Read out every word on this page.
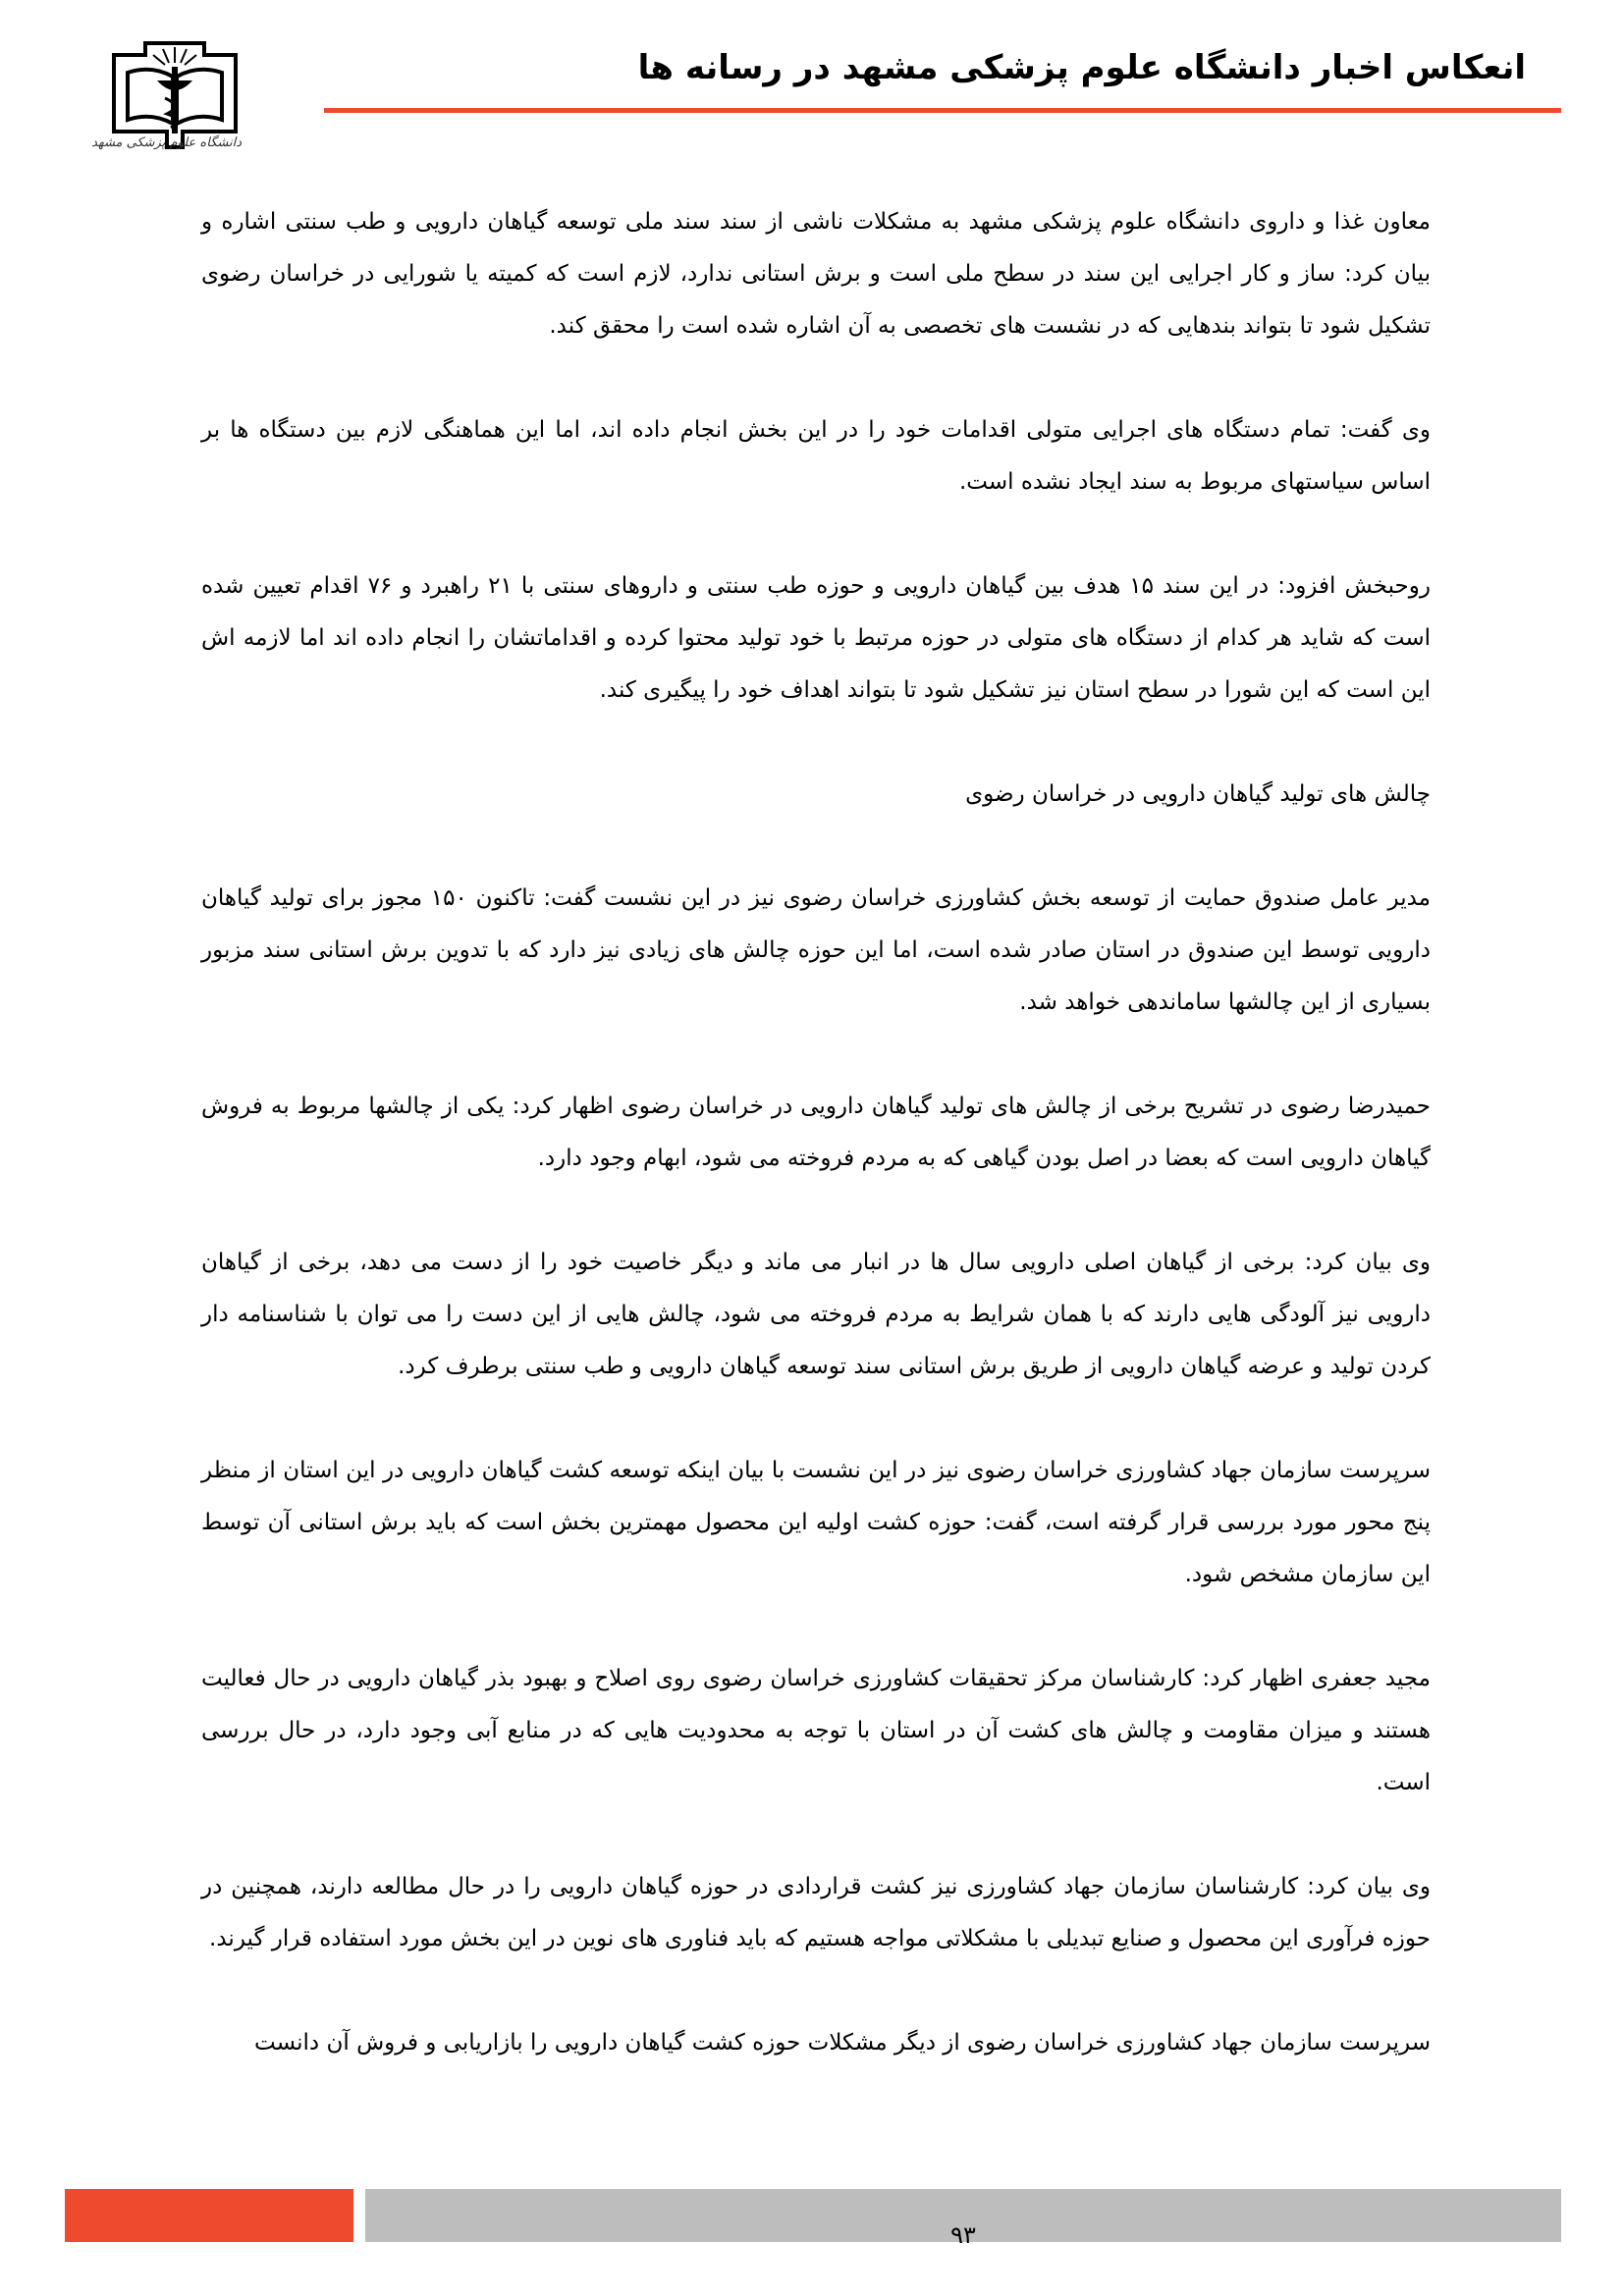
انعکاس اخبار دانشگاه علوم پزشکی مشهد در رسانه ها
دانشگاه علوم پزشکی مشهد

معاون غذا و داروی دانشگاه علوم پزشکی مشهد به مشکلات ناشی از سند سند ملی توسعه گیاهان دارویی و طب سنتی اشاره و بیان کرد: ساز و کار اجرایی این سند در سطح ملی است و برش استانی ندارد، لازم است که کمیته یا شورایی در خراسان رضوی تشکیل شود تا بتواند بندهایی که در نشست های تخصصی به آن اشاره شده است را محقق کند.

وی گفت: تمام دستگاه های اجرایی متولی اقدامات خود را در این بخش انجام داده اند، اما این هماهنگی لازم بین دستگاه ها بر اساس سیاستهای مربوط به سند ایجاد نشده است.

روحبخش افزود: در این سند ۱۵ هدف بین گیاهان دارویی و حوزه طب سنتی و داروهای سنتی با ۲۱ راهبرد و ۷۶ اقدام تعیین شده است که شاید هر کدام از دستگاه های متولی در حوزه مرتبط با خود تولید محتوا کرده و اقداماتشان را انجام داده اند اما لازمه اش این است که این شورا در سطح استان نیز تشکیل شود تا بتواند اهداف خود را پیگیری کند.

چالش های تولید گیاهان دارویی در خراسان رضوی

مدیر عامل صندوق حمایت از توسعه بخش کشاورزی خراسان رضوی نیز در این نشست گفت: تاکنون ۱۵۰ مجوز برای تولید گیاهان دارویی توسط این صندوق در استان صادر شده است، اما این حوزه چالش های زیادی نیز دارد که با تدوین برش استانی سند مزبور بسیاری از این چالشها ساماندهی خواهد شد.

حمیدرضا رضوی در تشریح برخی از چالش های تولید گیاهان دارویی در خراسان رضوی اظهار کرد: یکی از چالشها مربوط به فروش گیاهان دارویی است که بعضا در اصل بودن گیاهی که به مردم فروخته می شود، ابهام وجود دارد.

وی بیان کرد: برخی از گیاهان اصلی دارویی سال ها در انبار می ماند و دیگر خاصیت خود را از دست می دهد، برخی از گیاهان دارویی نیز آلودگی هایی دارند که با همان شرایط به مردم فروخته می شود، چالش هایی از این دست را می توان با شناسنامه دار کردن تولید و عرضه گیاهان دارویی از طریق برش استانی سند توسعه گیاهان دارویی و طب سنتی برطرف کرد.

سرپرست سازمان جهاد کشاورزی خراسان رضوی نیز در این نشست با بیان اینکه توسعه کشت گیاهان دارویی در این استان از منظر پنج محور مورد بررسی قرار گرفته است، گفت: حوزه کشت اولیه این محصول مهمترین بخش است که باید برش استانی آن توسط این سازمان مشخص شود.

مجید جعفری اظهار کرد: کارشناسان مرکز تحقیقات کشاورزی خراسان رضوی روی اصلاح و بهبود بذر گیاهان دارویی در حال فعالیت هستند و میزان مقاومت و چالش های کشت آن در استان با توجه به محدودیت هایی که در منابع آبی وجود دارد، در حال بررسی است.

وی بیان کرد: کارشناسان سازمان جهاد کشاورزی نیز کشت قراردادی در حوزه گیاهان دارویی را در حال مطالعه دارند، همچنین در حوزه فرآوری این محصول و صنایع تبدیلی با مشکلاتی مواجه هستیم که باید فناوری های نوین در این بخش مورد استفاده قرار گیرند.

سرپرست سازمان جهاد کشاورزی خراسان رضوی از دیگر مشکلات حوزه کشت گیاهان دارویی را بازاریابی و فروش آن دانست

۹۳
